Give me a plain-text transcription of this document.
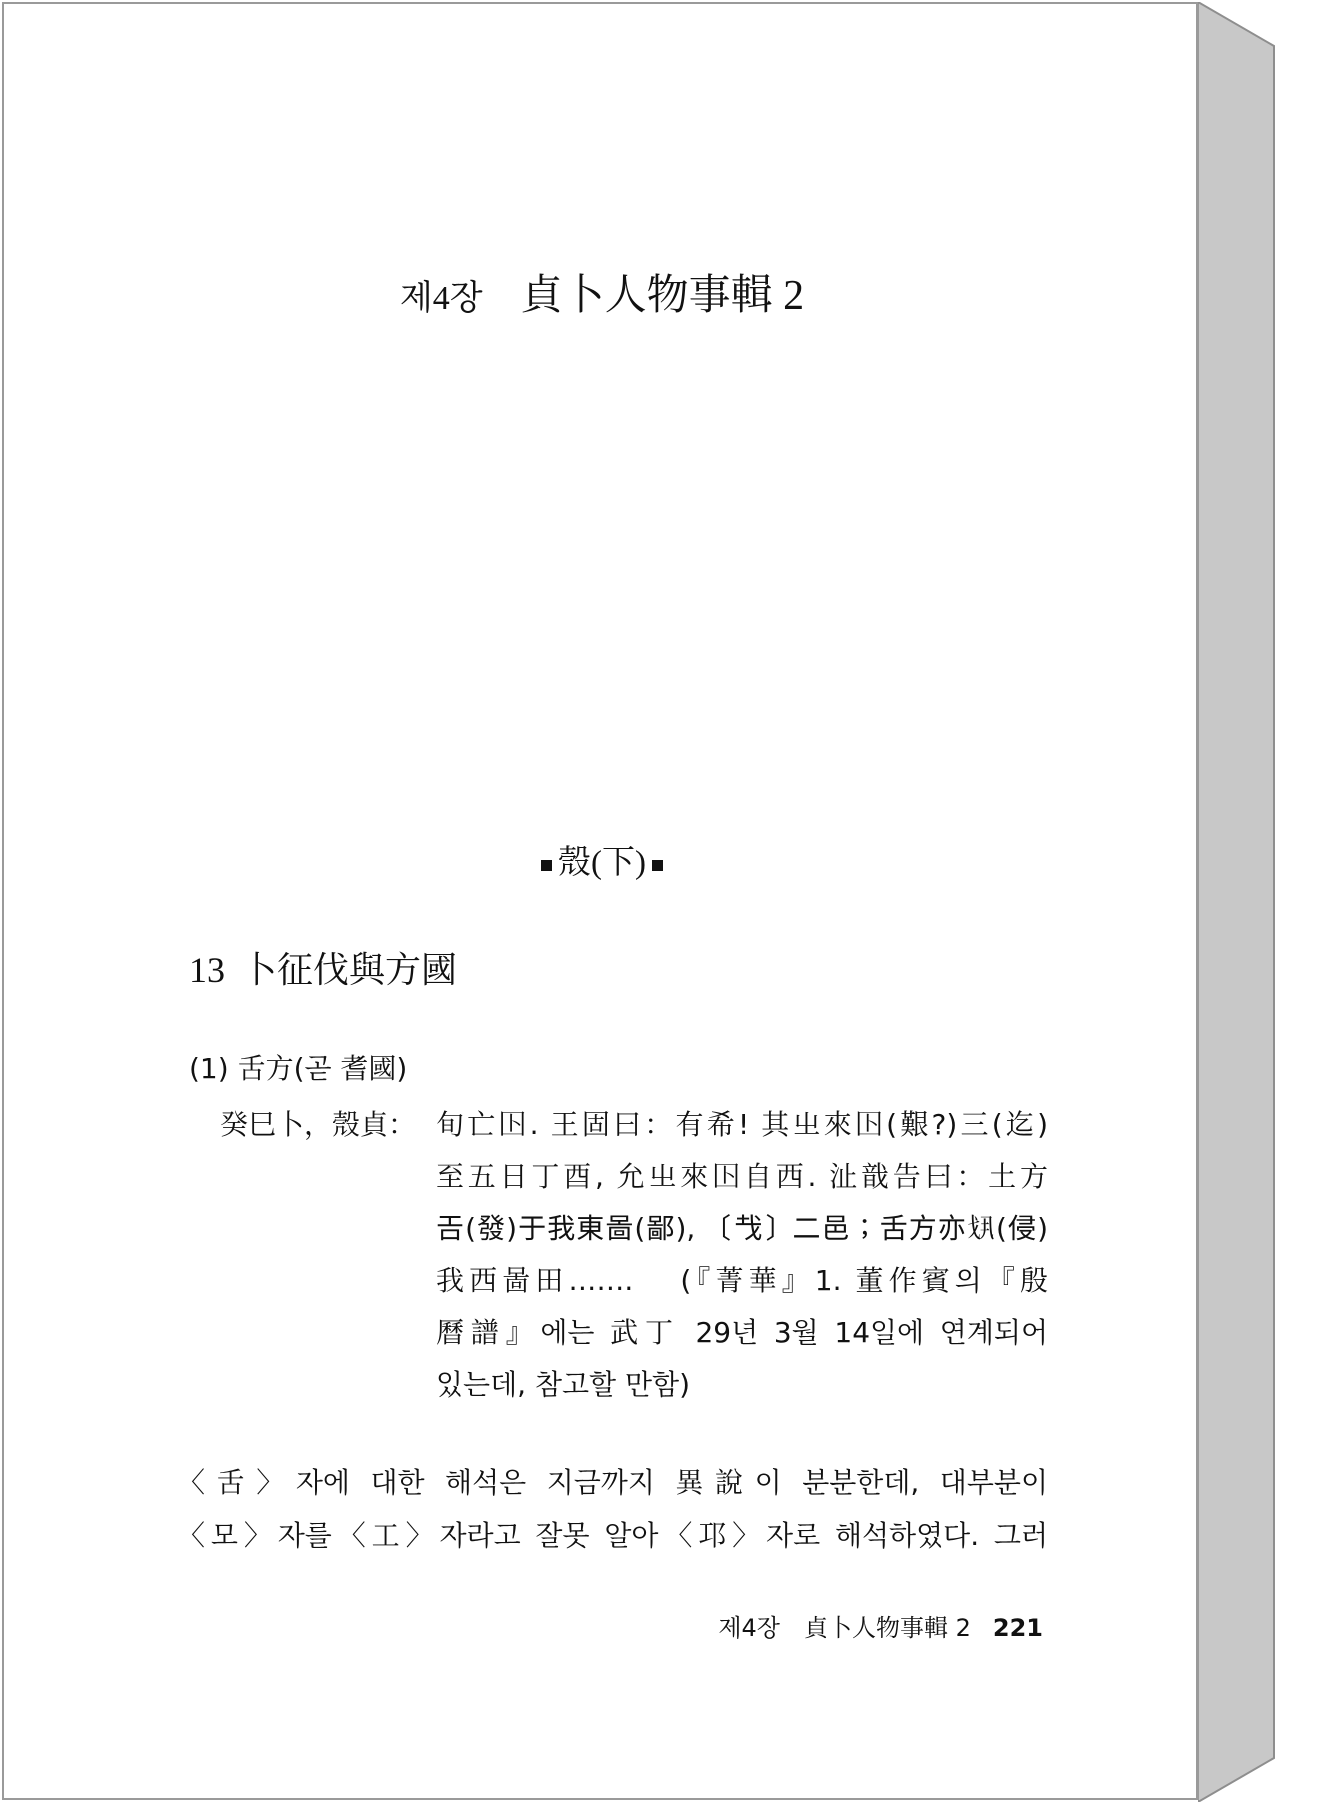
제4장 貞卜人物事輯 2
殼(下)
13 卜征伐與方國
(1) 舌方(곧 耆國)
癸巳卜，殼貞： 旬亡𡆥. 王固曰：有希! 其㞢來𡆥(艱?)三(迄)
至五日丁酉, 允㞢來𡆥自西. 沚戠告曰：土方
𢀛(發)于我東啚(鄙), 〔𢦏〕二邑；舌方亦𢦚(侵)
我西啚田……. 　(『菁華』1. 董作賓의『殷
曆譜』에는 武丁 29년 3월 14일에 연계되어
있는데, 참고할 만함)
〈舌〉자에 대한 해석은 지금까지 異說이 분분한데, 대부분이
〈모〉자를〈工〉자라고 잘못 알아〈邛〉자로 해석하였다. 그러
제4장　貞卜人物事輯 2 221
